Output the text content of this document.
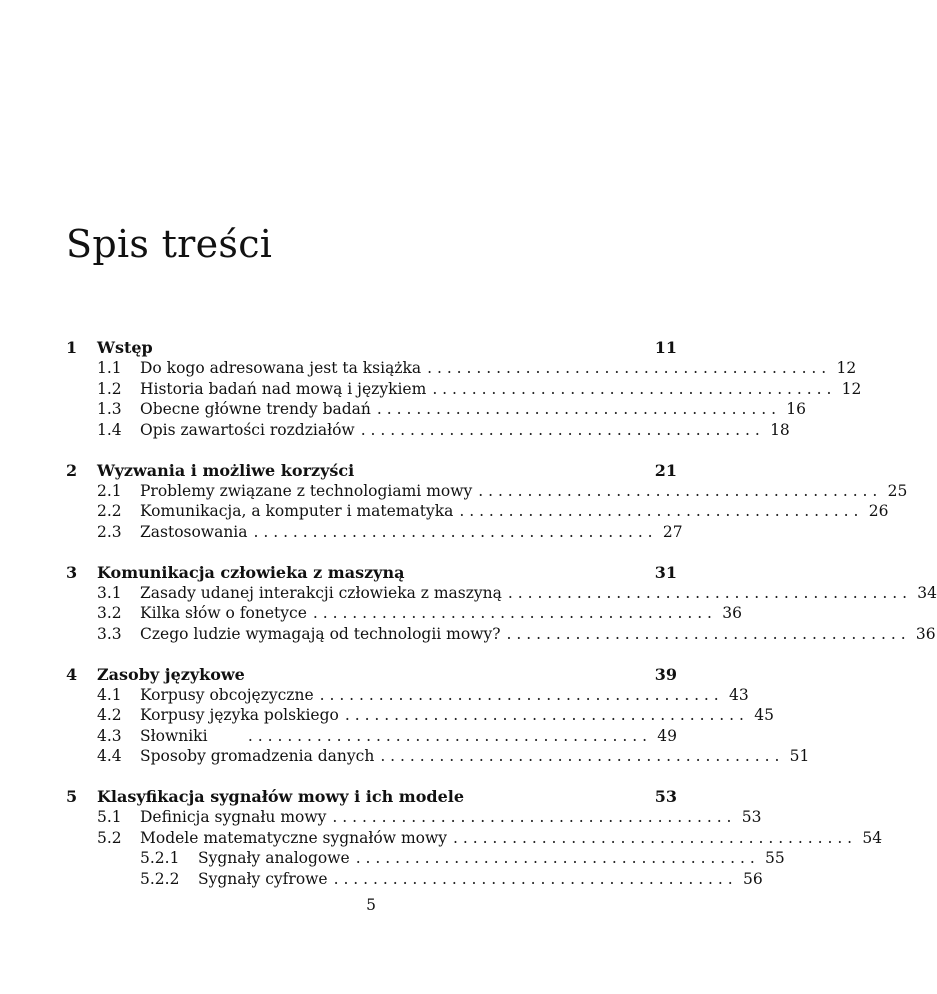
Spis treści
1	Wstęp	11
1.1	Do kogo adresowana jest ta książka . . . . . . . . . . . . . . . . . . . . . . . . . . . . . . . . . . . . . . . . . 12
1.2	Historia badań nad mową i językiem . . . . . . . . . . . . . . . . . . . . . . . . . . . . . . . . . . . . . . . . . 12
1.3	Obecne główne trendy badań . . . . . . . . . . . . . . . . . . . . . . . . . . . . . . . . . . . . . . . . . 16
1.4	Opis zawartości rozdziałów . . . . . . . . . . . . . . . . . . . . . . . . . . . . . . . . . . . . . . . . . 18
2	Wyzwania i możliwe korzyści	21
2.1	Problemy związane z technologiami mowy . . . . . . . . . . . . . . . . . . . . . . . . . . . . . . . . . . . . . . . . . 25
2.2	Komunikacja, a komputer i matematyka . . . . . . . . . . . . . . . . . . . . . . . . . . . . . . . . . . . . . . . . . 26
2.3	Zastosowania . . . . . . . . . . . . . . . . . . . . . . . . . . . . . . . . . . . . . . . . . 27
3	Komunikacja człowieka z maszyną	31
3.1	Zasady udanej interakcji człowieka z maszyną . . . . . . . . . . . . . . . . . . . . . . . . . . . . . . . . . . . . . . . . . 34
3.2	Kilka słów o fonetyce . . . . . . . . . . . . . . . . . . . . . . . . . . . . . . . . . . . . . . . . . 36
3.3	Czego ludzie wymagają od technologii mowy? . . . . . . . . . . . . . . . . . . . . . . . . . . . . . . . . . . . . . . . . . 36
4	Zasoby językowe	39
4.1	Korpusy obcojęzyczne . . . . . . . . . . . . . . . . . . . . . . . . . . . . . . . . . . . . . . . . . 43
4.2	Korpusy języka polskiego . . . . . . . . . . . . . . . . . . . . . . . . . . . . . . . . . . . . . . . . . 45
4.3	Słowniki	. . . . . . . . . . . . . . . . . . . . . . . . . . . . . . . . . . . . . . . . . 49
4.4	Sposoby gromadzenia danych . . . . . . . . . . . . . . . . . . . . . . . . . . . . . . . . . . . . . . . . . 51
5	Klasyfikacja sygnałów mowy i ich modele	53
5.1	Definicja sygnału mowy . . . . . . . . . . . . . . . . . . . . . . . . . . . . . . . . . . . . . . . . . 53
5.2	Modele matematyczne sygnałów mowy . . . . . . . . . . . . . . . . . . . . . . . . . . . . . . . . . . . . . . . . . 54
5.2.1	Sygnały analogowe . . . . . . . . . . . . . . . . . . . . . . . . . . . . . . . . . . . . . . . . . 55
5.2.2	Sygnały cyfrowe . . . . . . . . . . . . . . . . . . . . . . . . . . . . . . . . . . . . . . . . . 56
5
